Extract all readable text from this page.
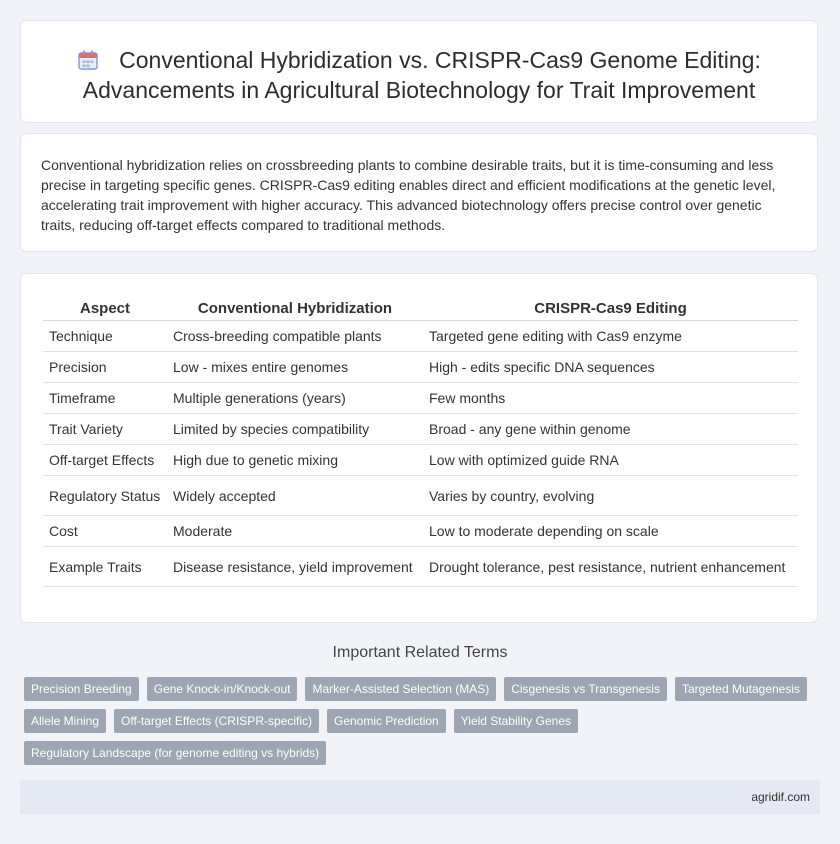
Conventional Hybridization vs. CRISPR-Cas9 Genome Editing: Advancements in Agricultural Biotechnology for Trait Improvement

Conventional hybridization relies on crossbreeding plants to combine desirable traits, but it is time-consuming and less precise in targeting specific genes. CRISPR-Cas9 editing enables direct and efficient modifications at the genetic level, accelerating trait improvement with higher accuracy. This advanced biotechnology offers precise control over genetic traits, reducing off-target effects compared to traditional methods.

Aspect	Conventional Hybridization	CRISPR-Cas9 Editing
Technique	Cross-breeding compatible plants	Targeted gene editing with Cas9 enzyme
Precision	Low - mixes entire genomes	High - edits specific DNA sequences
Timeframe	Multiple generations (years)	Few months
Trait Variety	Limited by species compatibility	Broad - any gene within genome
Off-target Effects	High due to genetic mixing	Low with optimized guide RNA
Regulatory Status	Widely accepted	Varies by country, evolving
Cost	Moderate	Low to moderate depending on scale
Example Traits	Disease resistance, yield improvement	Drought tolerance, pest resistance, nutrient enhancement
Important Related Terms
Precision Breeding	Gene Knock-in/Knock-out	Marker-Assisted Selection (MAS)	Cisgenesis vs Transgenesis	Targeted Mutagenesis
Allele Mining	Off-target Effects (CRISPR-specific)	Genomic Prediction	Yield Stability Genes
Regulatory Landscape (for genome editing vs hybrids)
agridif.com
